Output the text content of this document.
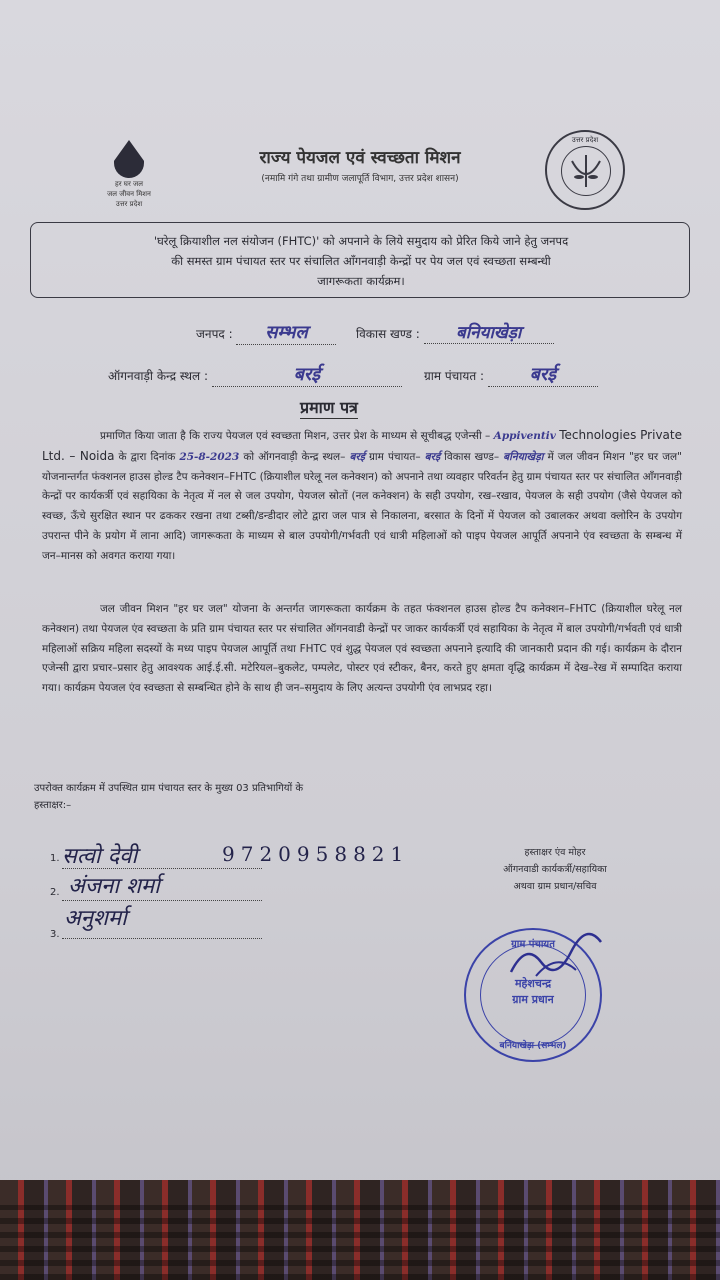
हर घर जल
जल जीवन मिशन
उत्तर प्रदेश
राज्य पेयजल एवं स्वच्छता मिशन
(नमामि गंगे तथा ग्रामीण जलापूर्ति विभाग, उत्तर प्रदेश शासन)
उत्तर प्रदेश
'घरेलू क्रियाशील नल संयोजन (FHTC)' को अपनाने के लिये समुदाय को प्रेरित किये जाने हेतु जनपद
की समस्त ग्राम पंचायत स्तर पर संचालित आँगनवाड़ी केन्द्रों पर पेय जल एवं स्वच्छता सम्बन्धी
जागरूकता कार्यक्रम।
जनपद : सम्भल	विकास खण्ड : बनियाखेड़ा
ऑगनवाड़ी केन्द्र स्थल :	बरई	ग्राम पंचायत :	बरई
प्रमाण पत्र
प्रमाणित किया जाता है कि राज्य पेयजल एवं स्वच्छता मिशन, उत्तर प्रेश के माध्यम से सूचीबद्ध एजेन्सी – Appiventiv Technologies Private Ltd. – Noida के द्वारा दिनांक 25-8-2023 को ऑगनवाड़ी केन्द्र स्थल– बरई ग्राम पंचायत– बरई विकास खण्ड– बनियाखेड़ा में जल जीवन मिशन "हर घर जल" योजनान्तर्गत फंक्शनल हाउस होल्ड टैप कनेक्शन–FHTC (क्रियाशील घरेलू नल कनेक्शन) को अपनाने तथा व्यवहार परिवर्तन हेतु ग्राम पंचायत स्तर पर संचालित आँगनवाड़ी केन्द्रों पर कार्यकर्त्री एवं सहायिका के नेतृत्व में नल से जल उपयोग, पेयजल स्रोतों (नल कनेक्शन) के सही उपयोग, रख–रखाव, पेयजल के सही उपयोग (जैसे पेयजल को स्वच्छ, ऊँचे सुरक्षित स्थान पर ढककर रखना तथा टब्सी/डन्डीदार लोटे द्वारा जल पात्र से निकालना, बरसात के दिनों में पेयजल को उबालकर अथवा क्लोरिन के उपयोग उपरान्त पीने के प्रयोग में लाना आदि) जागरूकता के माध्यम से बाल उपयोगी/गर्भवती एवं धात्री महिलाओं को पाइप पेयजल आपूर्ति अपनाने एंव स्वच्छता के सम्बन्ध में जन–मानस को अवगत कराया गया।
जल जीवन मिशन "हर घर जल" योजना के अन्तर्गत जागरूकता कार्यक्रम के तहत फंक्शनल हाउस होल्ड टैप कनेक्शन–FHTC (क्रियाशील घरेलू नल कनेक्शन) तथा पेयजल एंव स्वच्छता के प्रति ग्राम पंचायत स्तर पर संचालित ऑगनवाडी केन्द्रों पर जाकर कार्यकर्त्री एवं सहायिका के नेतृत्व में बाल उपयोगी/गर्भवती एवं धात्री महिलाओं सक्रिय महिला सदस्यों के मध्य पाइप पेयजल आपूर्ति तथा FHTC एवं शुद्ध पेयजल एवं स्वच्छता अपनाने इत्यादि की जानकारी प्रदान की गई। कार्यक्रम के दौरान एजेन्सी द्वारा प्रचार–प्रसार हेतु आवश्यक आई.ई.सी. मटेरियल–बुकलेट, पम्पलेट, पोस्टर एवं स्टीकर, बैनर, करते हुए क्षमता वृद्धि कार्यक्रम में देख–रेख में सम्पादित कराया गया। कार्यक्रम पेयजल एंव स्वच्छता से सम्बन्धित होने के साथ ही जन–समुदाय के लिए अत्यन्त उपयोगी एंव लाभप्रद रहा।
उपरोक्त कार्यक्रम में उपस्थित ग्राम पंचायत स्तर के मुख्य 03 प्रतिभागियों के
हस्ताक्षर:–
1. सत्वो देवी	9720958821
2. अंजना शर्मा
3.
अनुशर्मा
हस्ताक्षर एंव मोहर
ऑगनवाडी कार्यकर्त्री/सहायिका
अथवा ग्राम प्रधान/सचिव
ग्राम पंचायत
महेशचन्द्र
ग्राम प्रधान
बनियाखेड़ा (सम्भल)
